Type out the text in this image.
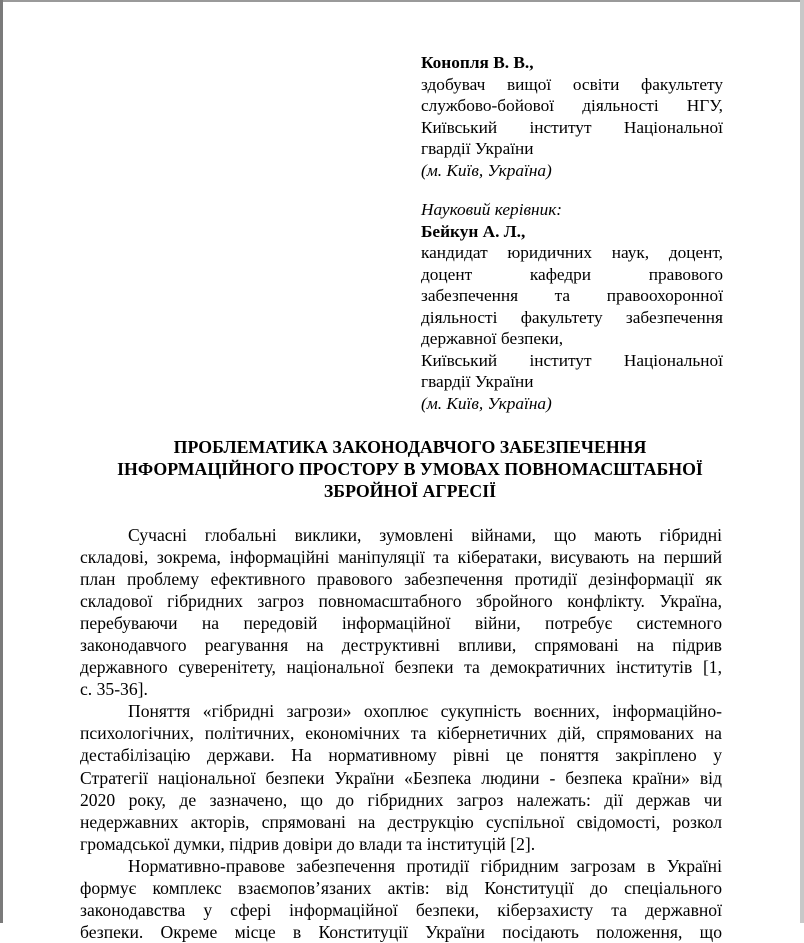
Конопля В. В.,
здобувач вищої освіти факультету
службово-бойової діяльності НГУ,
Київський інститут Національної
гвардії України
(м. Київ, Україна)
Науковий керівник:
Бейкун А. Л.,
кандидат юридичних наук, доцент,
доцент кафедри правового
забезпечення та правоохоронної
діяльності факультету забезпечення
державної безпеки,
Київський інститут Національної
гвардії України
(м. Київ, Україна)
ПРОБЛЕМАТИКА ЗАКОНОДАВЧОГО ЗАБЕЗПЕЧЕННЯ
ІНФОРМАЦІЙНОГО ПРОСТОРУ В УМОВАХ ПОВНОМАСШТАБНОЇ
ЗБРОЙНОЇ АГРЕСІЇ
Сучасні глобальні виклики, зумовлені війнами, що мають гібридні
складові, зокрема, інформаційні маніпуляції та кібератаки, висувають на перший
план проблему ефективного правового забезпечення протидії дезінформації як
складової гібридних загроз повномасштабного збройного конфлікту. Україна,
перебуваючи на передовій інформаційної війни, потребує системного
законодавчого реагування на деструктивні впливи, спрямовані на підрив
державного суверенітету, національної безпеки та демократичних інститутів [1,
с. 35-36].
Поняття «гібридні загрози» охоплює сукупність воєнних, інформаційно-
психологічних, політичних, економічних та кібернетичних дій, спрямованих на
дестабілізацію держави. На нормативному рівні це поняття закріплено у
Стратегії національної безпеки України «Безпека людини - безпека країни» від
2020 року, де зазначено, що до гібридних загроз належать: дії держав чи
недержавних акторів, спрямовані на деструкцію суспільної свідомості, розкол
громадської думки, підрив довіри до влади та інституцій [2].
Нормативно-правове забезпечення протидії гібридним загрозам в Україні
формує комплекс взаємопов’язаних актів: від Конституції до спеціального
законодавства у сфері інформаційної безпеки, кіберзахисту та державної
безпеки. Окреме місце в Конституції України посідають положення, що
